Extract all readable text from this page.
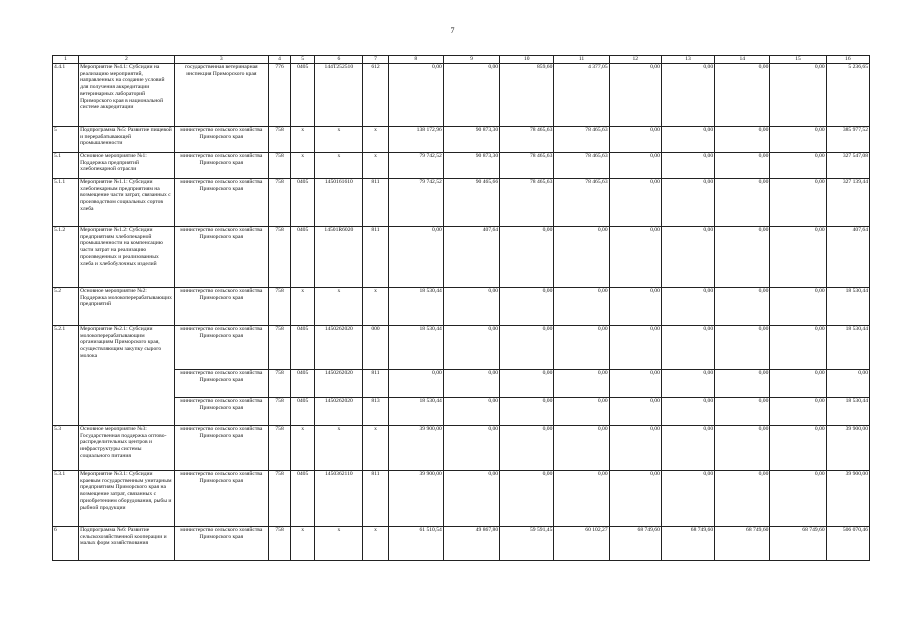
7
1	2	3	4	5	6	7	8	9	10	11	12	13	14	15	16
4.4.1	Мероприятие №4.1: Субсидии на реализацию мероприятий, направленных на создание условий для получения аккредитации ветеринарных лабораторий Приморского края в национальной системе аккредитации	государственная ветеринарная инспекция Приморского края	776	0405	144Т252510	612	0,00	0,00	859,60	4 377,05	0,00	0,00	0,00	0,00	5 236,65
5	Подпрограмма №5: Развитие пищевой и перерабатывающей промышленности	министерство сельского хозяйства Приморского края	758	x	x	x	138 172,96	90 873,30	78 465,63	78 465,63	0,00	0,00	0,00	0,00	385 977,52
5.1	Основное мероприятие №1: Поддержка предприятий хлебопекарной отрасли	министерство сельского хозяйства Приморского края	758	x	x	x	79 742,52	90 873,30	78 465,63	78 465,63	0,00	0,00	0,00	0,00	327 547,08
5.1.1	Мероприятие №1.1: Субсидии хлебопекарным предприятиям на возмещение части затрат, связанных с производством социальных сортов хлеба	министерство сельского хозяйства Приморского края	758	0405	1450161610	811	79 742,52	90 465,66	78 465,63	78 465,63	0,00	0,00	0,00	0,00	327 139,44
5.1.2	Мероприятие №1.2: Субсидии предприятиям хлебопекарной промышленности на компенсацию части затрат на реализацию произведенных и реализованных хлеба и хлебобулочных изделий	министерство сельского хозяйства Приморского края	758	0405	14501R6020	811	0,00	407,64	0,00	0,00	0,00	0,00	0,00	0,00	407,64
5.2	Основное мероприятие №2: Поддержка молокоперерабатывающих предприятий	министерство сельского хозяйства Приморского края	758	x	x	x	18 530,44	0,00	0,00	0,00	0,00	0,00	0,00	0,00	18 530,44
5.2.1	Мероприятие №2.1: Субсидии молокоперерабатывающим организациям Приморского края, осуществляющим закупку сырого молока	министерство сельского хозяйства Приморского края	758	0405	1450262020	000	18 530,44	0,00	0,00	0,00	0,00	0,00	0,00	0,00	18 530,44
		министерство сельского хозяйства Приморского края	758	0405	1450262020	811	0,00	0,00	0,00	0,00	0,00	0,00	0,00	0,00	0,00
		министерство сельского хозяйства Приморского края	758	0405	1450262020	813	18 530,44	0,00	0,00	0,00	0,00	0,00	0,00	0,00	18 530,44
5.3	Основное мероприятие №3: Государственная поддержка оптово-распределительных центров и инфраструктуры системы социального питания	министерство сельского хозяйства Приморского края	758	x	x	x	39 900,00	0,00	0,00	0,00	0,00	0,00	0,00	0,00	39 900,00
5.3.1	Мероприятие №3.1: Субсидии краевым государственным унитарным предприятиям Приморского края на возмещение затрат, связанных с приобретением оборудования, рыбы и рыбной продукции	министерство сельского хозяйства Приморского края	758	0405	1450362110	811	39 900,00	0,00	0,00	0,00	0,00	0,00	0,00	0,00	39 900,00
6	Подпрограмма №6: Развитие сельскохозяйственной кооперации и малых форм хозяйствования	министерство сельского хозяйства Приморского края	758	x	x	x	61 510,54	49 867,80	59 591,45	60 102,27	68 749,60	68 749,60	68 749,60	68 749,60	506 070,46
